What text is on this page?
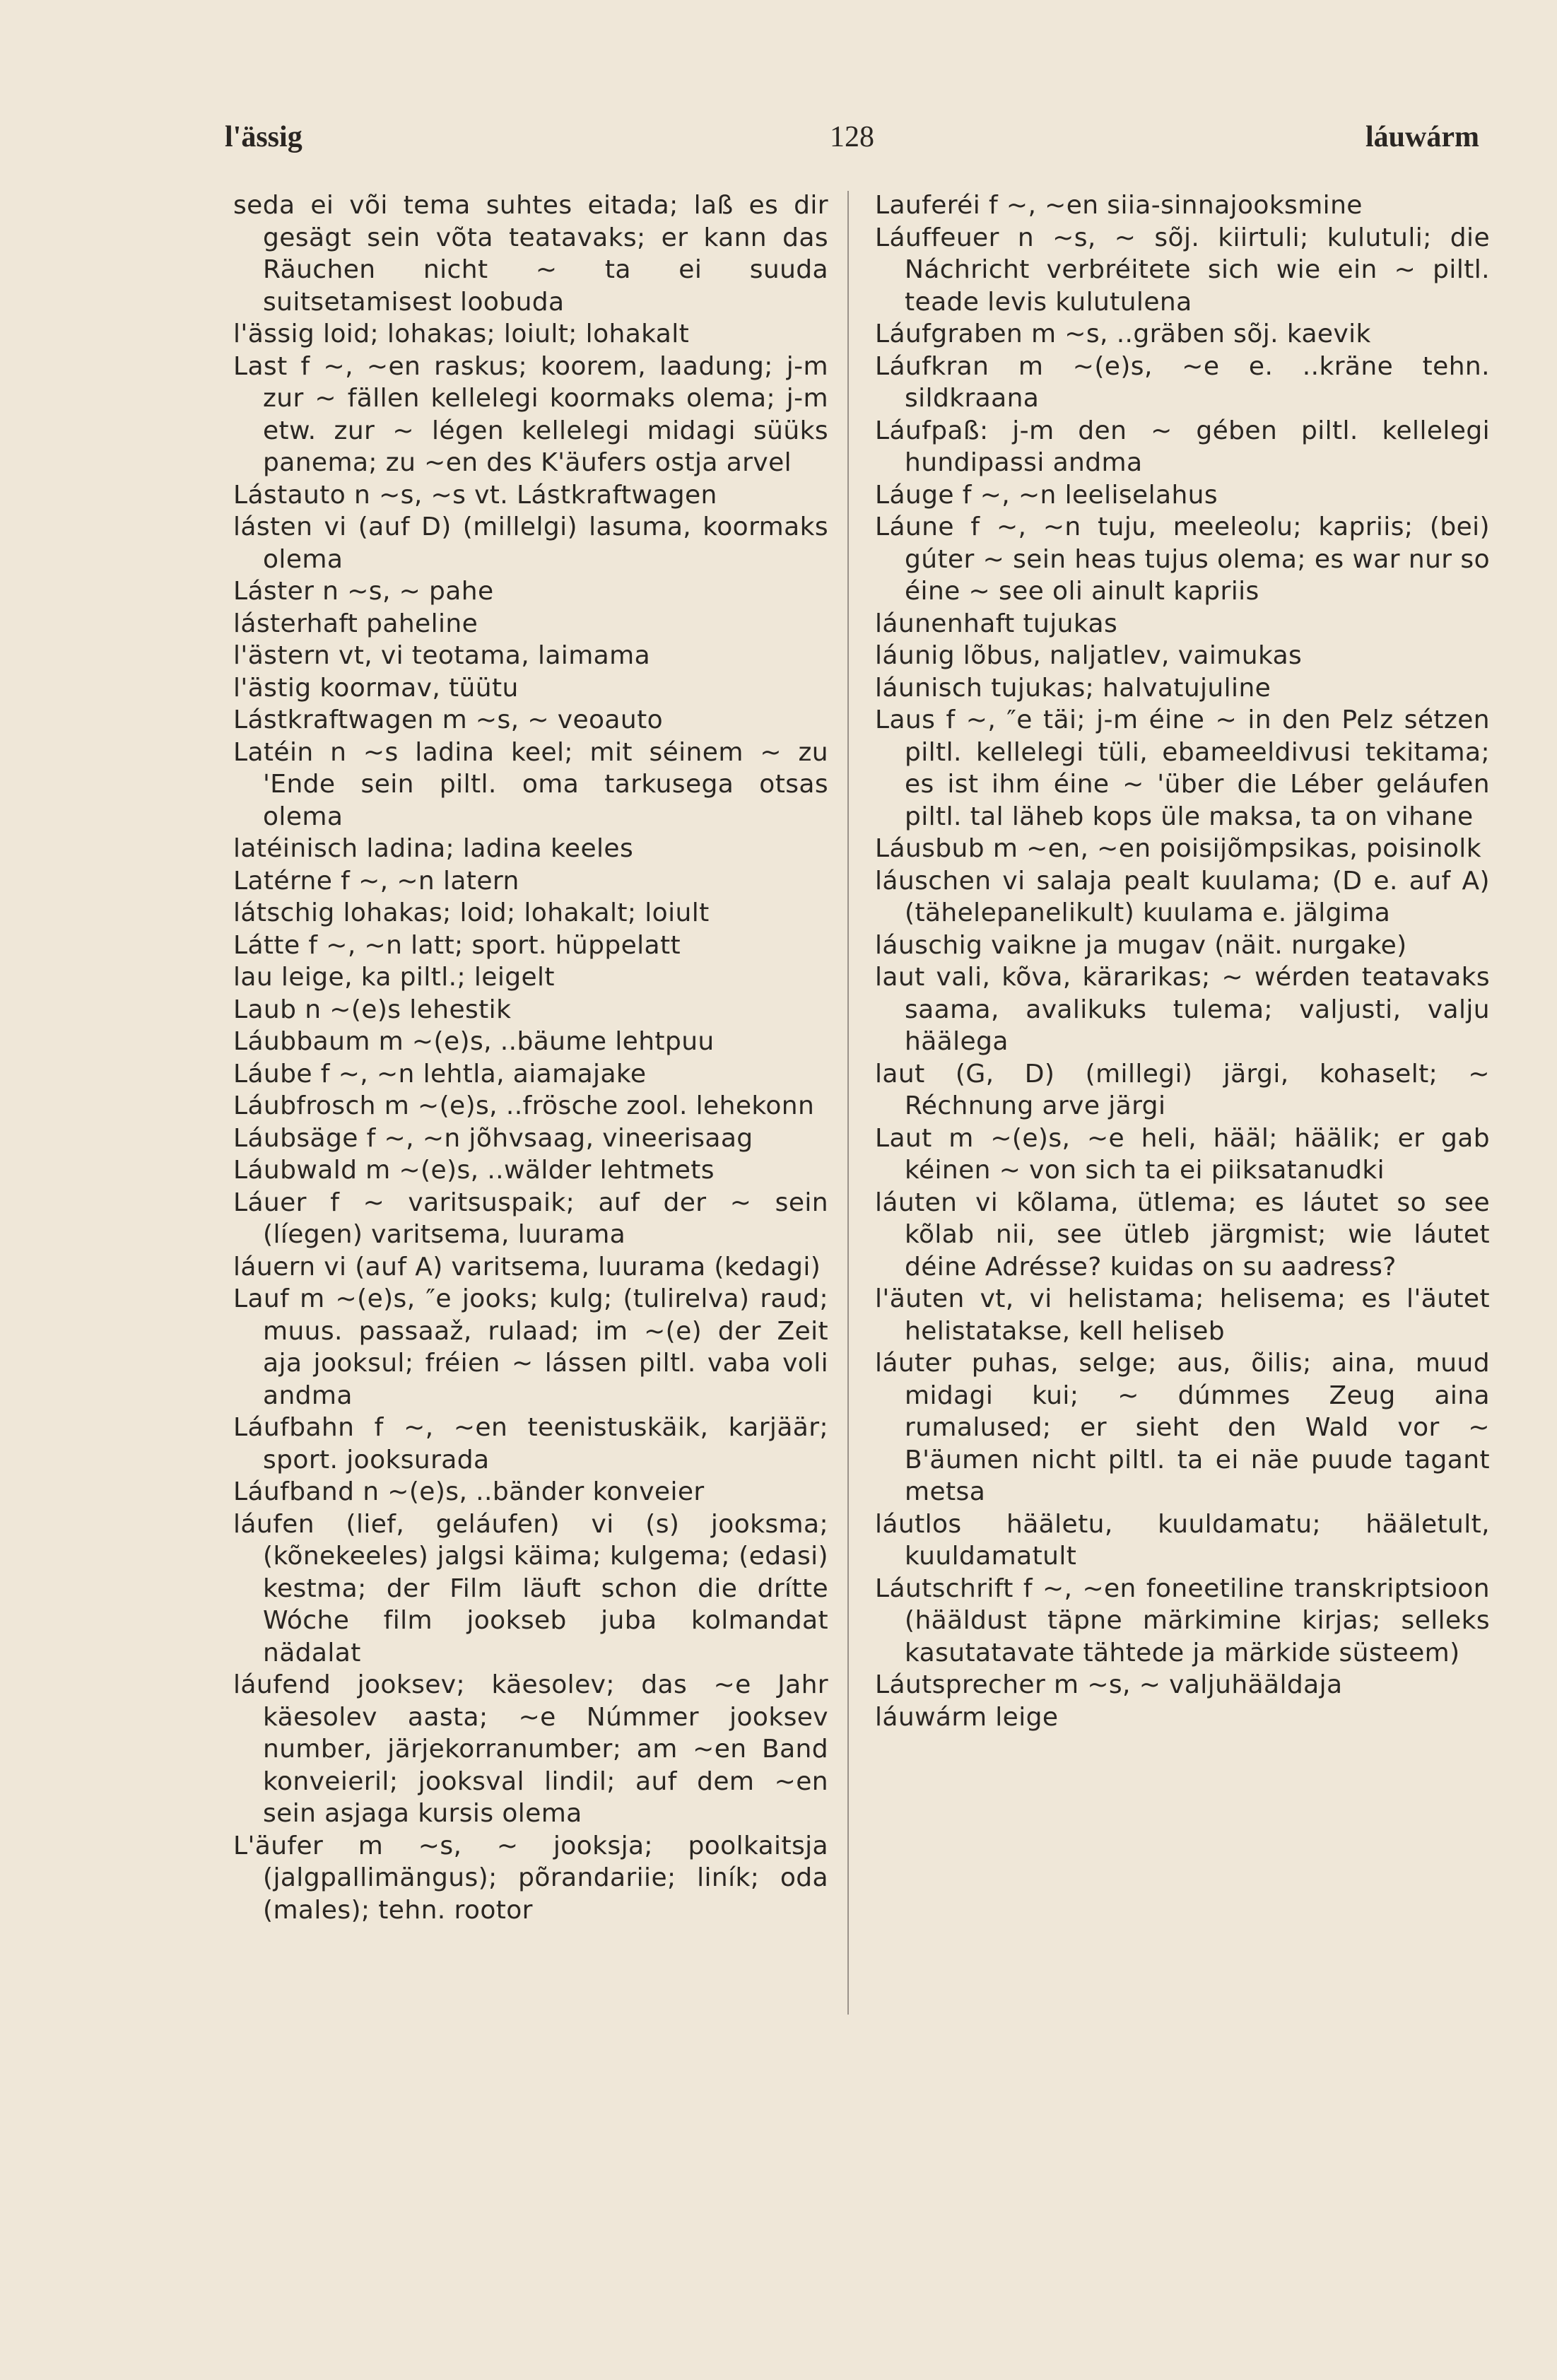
l'ässig	128	láuwárm

seda ei või tema suhtes eitada; laß es dir gesägt sein võta teatavaks; er kann das Räuchen nicht ~ ta ei suuda suitsetamisest loobuda

l'ässig loid; lohakas; loiult; lohakalt

Last f ~, ~en raskus; koorem, laadung; j-m zur ~ fällen kellelegi koormaks olema; j-m etw. zur ~ légen kellelegi midagi süüks panema; zu ~en des K'äufers ostja arvel

Lástauto n ~s, ~s vt. Lástkraftwagen

lásten vi (auf D) (millelgi) lasuma, koormaks olema

Láster n ~s, ~ pahe

lásterhaft paheline

l'ästern vt, vi teotama, laimama

l'ästig koormav, tüütu

Lástkraftwagen m ~s, ~ veoauto

Latéin n ~s ladina keel; mit séinem ~ zu 'Ende sein piltl. oma tarkusega otsas olema

latéinisch ladina; ladina keeles

Latérne f ~, ~n latern

látschig lohakas; loid; lohakalt; loiult

Látte f ~, ~n latt; sport. hüppelatt

lau leige, ka piltl.; leigelt

Laub n ~(e)s lehestik

Láubbaum m ~(e)s, ..bäume lehtpuu

Láube f ~, ~n lehtla, aiamajake

Láubfrosch m ~(e)s, ..frösche zool. lehekonn

Láubsäge f ~, ~n jõhvsaag, vineerisaag

Láubwald m ~(e)s, ..wälder lehtmets

Láuer f ~ varitsuspaik; auf der ~ sein (líegen) varitsema, luurama

láuern vi (auf A) varitsema, luurama (kedagi)

Lauf m ~(e)s, ″e jooks; kulg; (tulirelva) raud; muus. passaaž, rulaad; im ~(e) der Zeit aja jooksul; fréien ~ lássen piltl. vaba voli andma

Láufbahn f ~, ~en teenistuskäik, karjäär; sport. jooksurada

Láufband n ~(e)s, ..bänder konveier

láufen (lief, geláufen) vi (s) jooksma; (kõnekeeles) jalgsi käima; kulgema; (edasi) kestma; der Film läuft schon die drítte Wóche film jookseb juba kolmandat nädalat

láufend jooksev; käesolev; das ~e Jahr käesolev aasta; ~e Númmer jooksev number, järjekorranumber; am ~en Band konveieril; jooksval lindil; auf dem ~en sein asjaga kursis olema

L'äufer m ~s, ~ jooksja; poolkaitsja (jalgpallimängus); põrandariie; liník; oda (males); tehn. rootor

Lauferéi f ~, ~en siia-sinnajooksmine

Láuffeuer n ~s, ~ sõj. kiirtuli; kulutuli; die Náchricht verbréitete sich wie ein ~ piltl. teade levis kulutulena

Láufgraben m ~s, ..gräben sõj. kaevik

Láufkran m ~(e)s, ~e e. ..kräne tehn. sildkraana

Láufpaß: j-m den ~ gében piltl. kellelegi hundipassi andma

Láuge f ~, ~n leeliselahus

Láune f ~, ~n tuju, meeleolu; kapriis; (bei) gúter ~ sein heas tujus olema; es war nur so éine ~ see oli ainult kapriis

láunenhaft tujukas

láunig lõbus, naljatlev, vaimukas

láunisch tujukas; halvatujuline

Laus f ~, ″e täi; j-m éine ~ in den Pelz sétzen piltl. kellelegi tüli, ebameeldivusi tekitama; es ist ihm éine ~ 'über die Léber geláufen piltl. tal läheb kops üle maksa, ta on vihane

Láusbub m ~en, ~en poisijõmpsikas, poisinolk

láuschen vi salaja pealt kuulama; (D e. auf A) (tähelepanelikult) kuulama e. jälgima

láuschig vaikne ja mugav (näit. nurgake)

laut vali, kõva, kärarikas; ~ wérden teatavaks saama, avalikuks tulema; valjusti, valju häälega

laut (G, D) (millegi) järgi, kohaselt; ~ Réchnung arve järgi

Laut m ~(e)s, ~e heli, hääl; häälik; er gab kéinen ~ von sich ta ei piiksatanudki

láuten vi kõlama, ütlema; es láutet so see kõlab nii, see ütleb järgmist; wie láutet déine Adrésse? kuidas on su aadress?

l'äuten vt, vi helistama; helisema; es l'äutet helistatakse, kell heliseb

láuter puhas, selge; aus, õilis; aina, muud midagi kui; ~ dúmmes Zeug aina rumalused; er sieht den Wald vor ~ B'äumen nicht piltl. ta ei näe puude tagant metsa

láutlos hääletu, kuuldamatu; hääletult, kuuldamatult

Láutschrift f ~, ~en foneetiline transkriptsioon (hääldust täpne märkimine kirjas; selleks kasutatavate tähtede ja märkide süsteem)

Láutsprecher m ~s, ~ valjuhääldaja

láuwárm leige
